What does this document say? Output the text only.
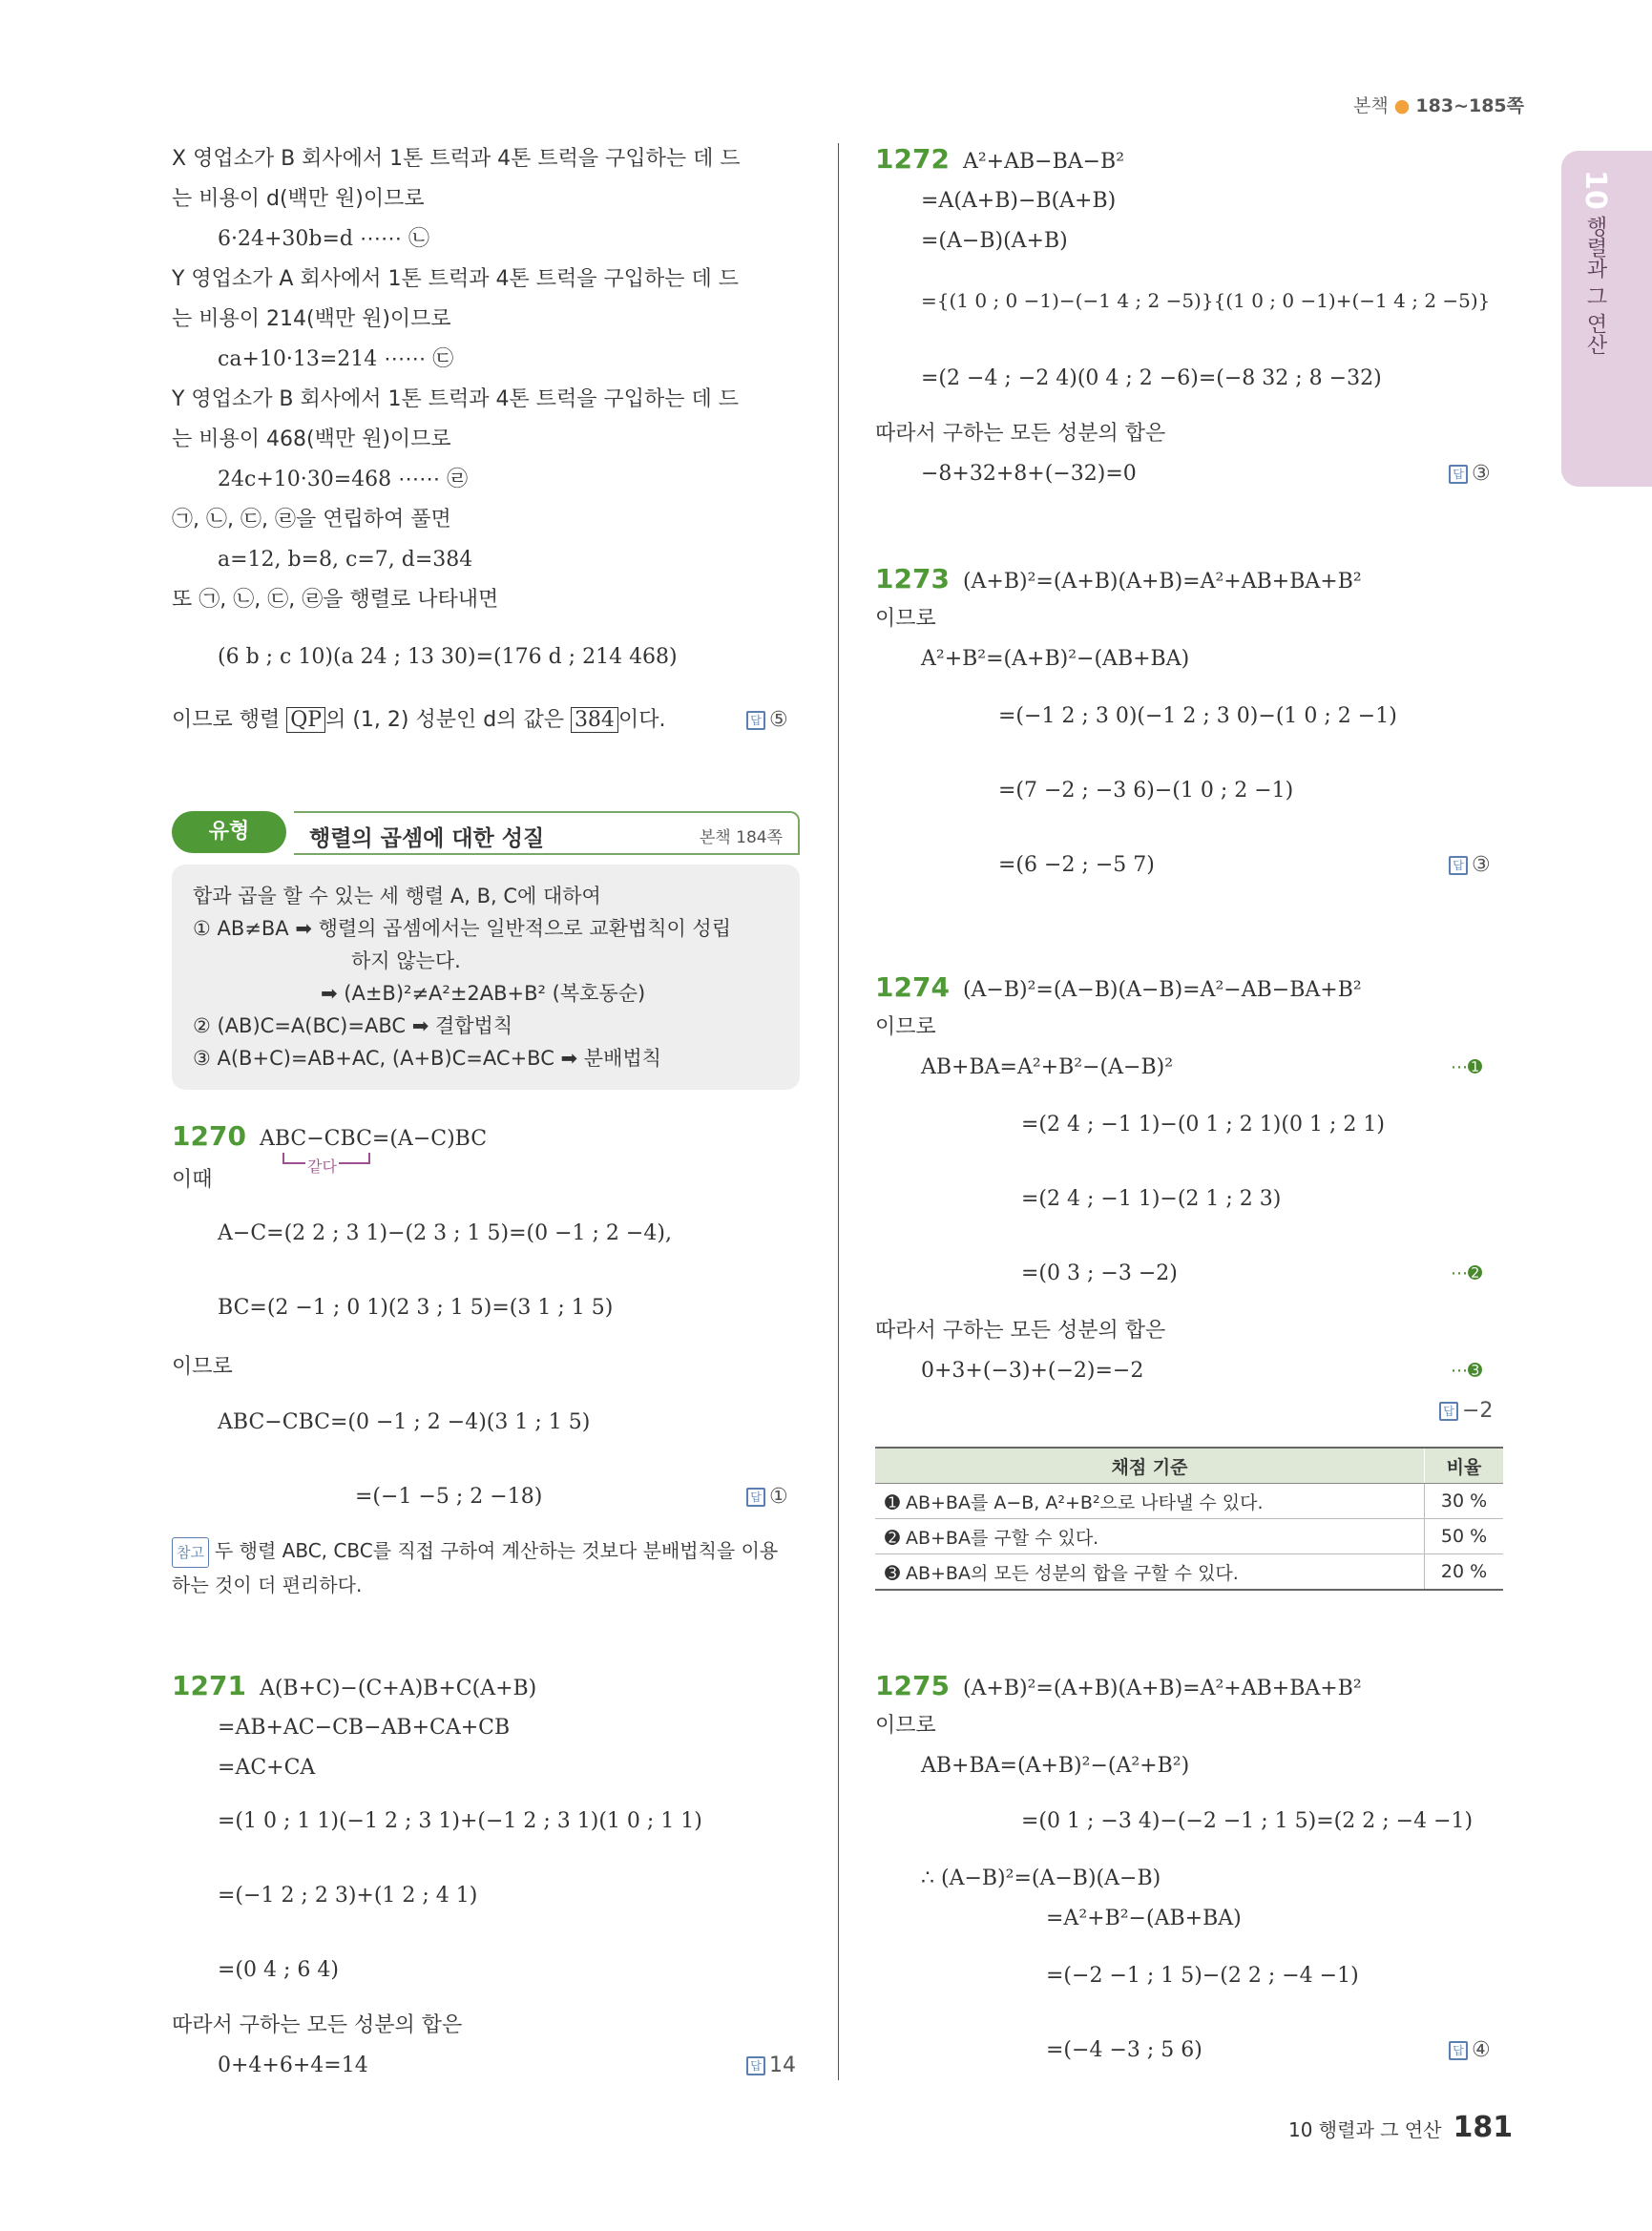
본책 ● 183~185쪽
10
행렬과 그 연산
X 영업소가 B 회사에서 1톤 트럭과 4톤 트럭을 구입하는 데 드
는 비용이 d(백만 원)이므로
6·24+30b=d ⋯⋯ ㉡
Y 영업소가 A 회사에서 1톤 트럭과 4톤 트럭을 구입하는 데 드
는 비용이 214(백만 원)이므로
ca+10·13=214 ⋯⋯ ㉢
Y 영업소가 B 회사에서 1톤 트럭과 4톤 트럭을 구입하는 데 드
는 비용이 468(백만 원)이므로
24c+10·30=468 ⋯⋯ ㉣
㉠, ㉡, ㉢, ㉣을 연립하여 풀면
a=12, b=8, c=7, d=384
또 ㉠, ㉡, ㉢, ㉣을 행렬로 나타내면
(6 b ; c 10)(a 24 ; 13 30)=(176 d ; 214 468)
이므로 행렬 QP 의 (1, 2) 성분인 d의 값은 384 이다.	답 ⑤
유형	행렬의 곱셈에 대한 성질	본책 184쪽
합과 곱을 할 수 있는 세 행렬 A, B, C에 대하여
① AB≠BA ➡ 행렬의 곱셈에서는 일반적으로 교환법칙이 성립
하지 않는다.
➡ (A±B)²≠A²±2AB+B² (복호동순)
② (AB)C=A(BC)=ABC ➡ 결합법칙
③ A(B+C)=AB+AC, (A+B)C=AC+BC ➡ 분배법칙
1270 ABC−CBC=(A−C)BC
같다
이때
A−C=(2 2 ; 3 1)−(2 3 ; 1 5)=(0 −1 ; 2 −4),
BC=(2 −1 ; 0 1)(2 3 ; 1 5)=(3 1 ; 1 5)
이므로
ABC−CBC=(0 −1 ; 2 −4)(3 1 ; 1 5)
=(−1 −5 ; 2 −18)	답 ①
참고 두 행렬 ABC, CBC를 직접 구하여 계산하는 것보다 분배법칙을 이용
하는 것이 더 편리하다.
1271 A(B+C)−(C+A)B+C(A+B)
=AB+AC−CB−AB+CA+CB
=AC+CA
=(1 0 ; 1 1)(−1 2 ; 3 1)+(−1 2 ; 3 1)(1 0 ; 1 1)
=(−1 2 ; 2 3)+(1 2 ; 4 1)
=(0 4 ; 6 4)
따라서 구하는 모든 성분의 합은
0+4+6+4=14	답 14
1272 A²+AB−BA−B²
=A(A+B)−B(A+B)
=(A−B)(A+B)
={(1 0 ; 0 −1)−(−1 4 ; 2 −5)}{(1 0 ; 0 −1)+(−1 4 ; 2 −5)}
=(2 −4 ; −2 4)(0 4 ; 2 −6)=(−8 32 ; 8 −32)
따라서 구하는 모든 성분의 합은
−8+32+8+(−32)=0	답 ③
1273 (A+B)²=(A+B)(A+B)=A²+AB+BA+B²
이므로
A²+B²=(A+B)²−(AB+BA)
=(−1 2 ; 3 0)(−1 2 ; 3 0)−(1 0 ; 2 −1)
=(7 −2 ; −3 6)−(1 0 ; 2 −1)
=(6 −2 ; −5 7)	답 ③
1274 (A−B)²=(A−B)(A−B)=A²−AB−BA+B²
이므로
AB+BA=A²+B²−(A−B)²	⋯➊
=(2 4 ; −1 1)−(0 1 ; 2 1)(0 1 ; 2 1)
=(2 4 ; −1 1)−(2 1 ; 2 3)
=(0 3 ; −3 −2)	⋯➋
따라서 구하는 모든 성분의 합은
0+3+(−3)+(−2)=−2	⋯➌
답 −2
채점 기준	비율
➊ AB+BA를 A−B, A²+B²으로 나타낼 수 있다.	30 %
➋ AB+BA를 구할 수 있다.	50 %
➌ AB+BA의 모든 성분의 합을 구할 수 있다.	20 %
1275 (A+B)²=(A+B)(A+B)=A²+AB+BA+B²
이므로
AB+BA=(A+B)²−(A²+B²)
=(0 1 ; −3 4)−(−2 −1 ; 1 5)=(2 2 ; −4 −1)
∴ (A−B)²=(A−B)(A−B)
=A²+B²−(AB+BA)
=(−2 −1 ; 1 5)−(2 2 ; −4 −1)
=(−4 −3 ; 5 6)	답 ④
10 행렬과 그 연산 181
